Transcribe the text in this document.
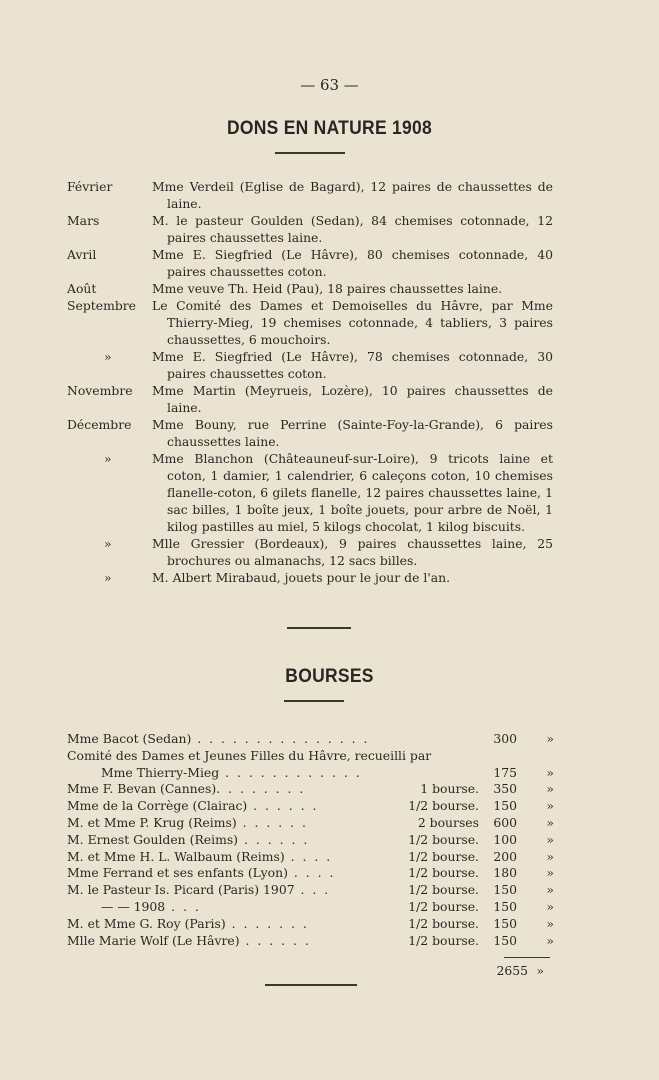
— 63 —
DONS EN NATURE 1908
Février	Mme Verdeil (Eglise de Bagard), 12 paires de chaussettes de laine.
Mars	M. le pasteur Goulden (Sedan), 84 chemises cotonnade, 12 paires chaussettes laine.
Avril	Mme E. Siegfried (Le Hâvre), 80 chemises cotonnade, 40 paires chaussettes coton.
Août	Mme veuve Th. Heid (Pau), 18 paires chaussettes laine.
Septembre	Le Comité des Dames et Demoiselles du Hâvre, par Mme Thierry-Mieg, 19 chemises cotonnade, 4 tabliers, 3 paires chaussettes, 6 mouchoirs.
»	Mme E. Siegfried (Le Hâvre), 78 chemises cotonnade, 30 paires chaussettes coton.
Novembre	Mme Martin (Meyrueis, Lozère), 10 paires chaussettes de laine.
Décembre	Mme Bouny, rue Perrine (Sainte-Foy-la-Grande), 6 paires chaussettes laine.
»	Mme Blanchon (Châteauneuf-sur-Loire), 9 tricots laine et coton, 1 damier, 1 calendrier, 6 caleçons coton, 10 chemises flanelle-coton, 6 gilets flanelle, 12 paires chaussettes laine, 1 sac billes, 1 boîte jeux, 1 boîte jouets, pour arbre de Noël, 1 kilog pastilles au miel, 5 kilogs chocolat, 1 kilog biscuits.
»	Mlle Gressier (Bordeaux), 9 paires chaussettes laine, 25 brochures ou almanachs, 12 sacs billes.
»	M. Albert Mirabaud, jouets pour le jour de l'an.
BOURSES
Mme Bacot (Sedan) . . . . . . . . . . . . . . .	300 »
Comité des Dames et Jeunes Filles du Hâvre, recueilli par
Mme Thierry-Mieg . . . . . . . . . . . .	175 »
Mme F. Bevan (Cannes). . . . . . . .	1 bourse.	350 »
Mme de la Corrège (Clairac) . . . . . .	1/2 bourse.	150 »
M. et Mme P. Krug (Reims) . . . . . .	2 bourses	600 »
M. Ernest Goulden (Reims) . . . . . .	1/2 bourse.	100 »
M. et Mme H. L. Walbaum (Reims) . . . .	1/2 bourse.	200 »
Mme Ferrand et ses enfants (Lyon) . . . .	1/2 bourse.	180 »
M. le Pasteur Is. Picard (Paris) 1907 . . .	1/2 bourse.	150 »
— — 1908 . . .	1/2 bourse.	150 »
M. et Mme G. Roy (Paris) . . . . . . .	1/2 bourse.	150 »
Mlle Marie Wolf (Le Hâvre) . . . . . .	1/2 bourse.	150 »
2655 »
